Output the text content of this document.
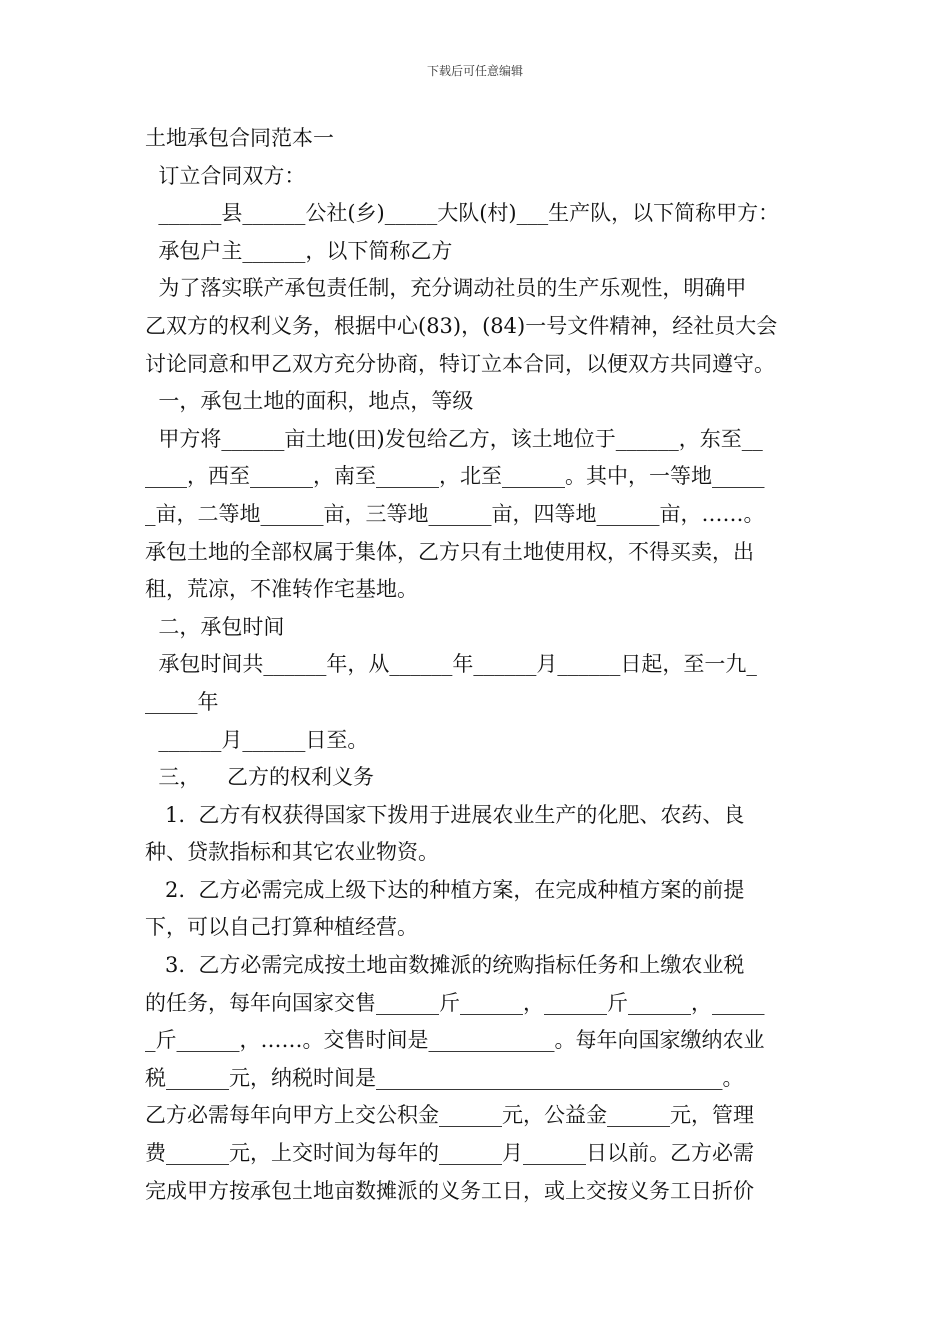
下载后可任意编辑
土地承包合同范本一
订立合同双方：
______县______公社(乡)_____大队(村)___生产队，以下简称甲方：
承包户主______，以下简称乙方
为了落实联产承包责任制，充分调动社员的生产乐观性，明确甲
乙双方的权利义务，根据中心(83)，(84)一号文件精神，经社员大会
讨论同意和甲乙双方充分协商，特订立本合同，以便双方共同遵守。
一，承包土地的面积，地点，等级
甲方将______亩土地(田)发包给乙方，该土地位于______，东至__
____，西至______，南至______，北至______。其中，一等地_____
_亩，二等地______亩，三等地______亩，四等地______亩，……。
承包土地的全部权属于集体，乙方只有土地使用权，不得买卖，出
租，荒凉，不准转作宅基地。
二，承包时间
承包时间共______年，从______年______月______日起，至一九_
_____年
______月______日至。
三，    乙方的权利义务
1.  乙方有权获得国家下拨用于进展农业生产的化肥、农药、良
种、贷款指标和其它农业物资。
2.  乙方必需完成上级下达的种植方案，在完成种植方案的前提
下，可以自己打算种植经营。
3.  乙方必需完成按土地亩数摊派的统购指标任务和上缴农业税
的任务，每年向国家交售______斤______，______斤______，_____
_斤______，……。交售时间是____________。每年向国家缴纳农业
税______元，纳税时间是_________________________________。
乙方必需每年向甲方上交公积金______元，公益金______元，管理
费______元，上交时间为每年的______月______日以前。乙方必需
完成甲方按承包土地亩数摊派的义务工日，或上交按义务工日折价
